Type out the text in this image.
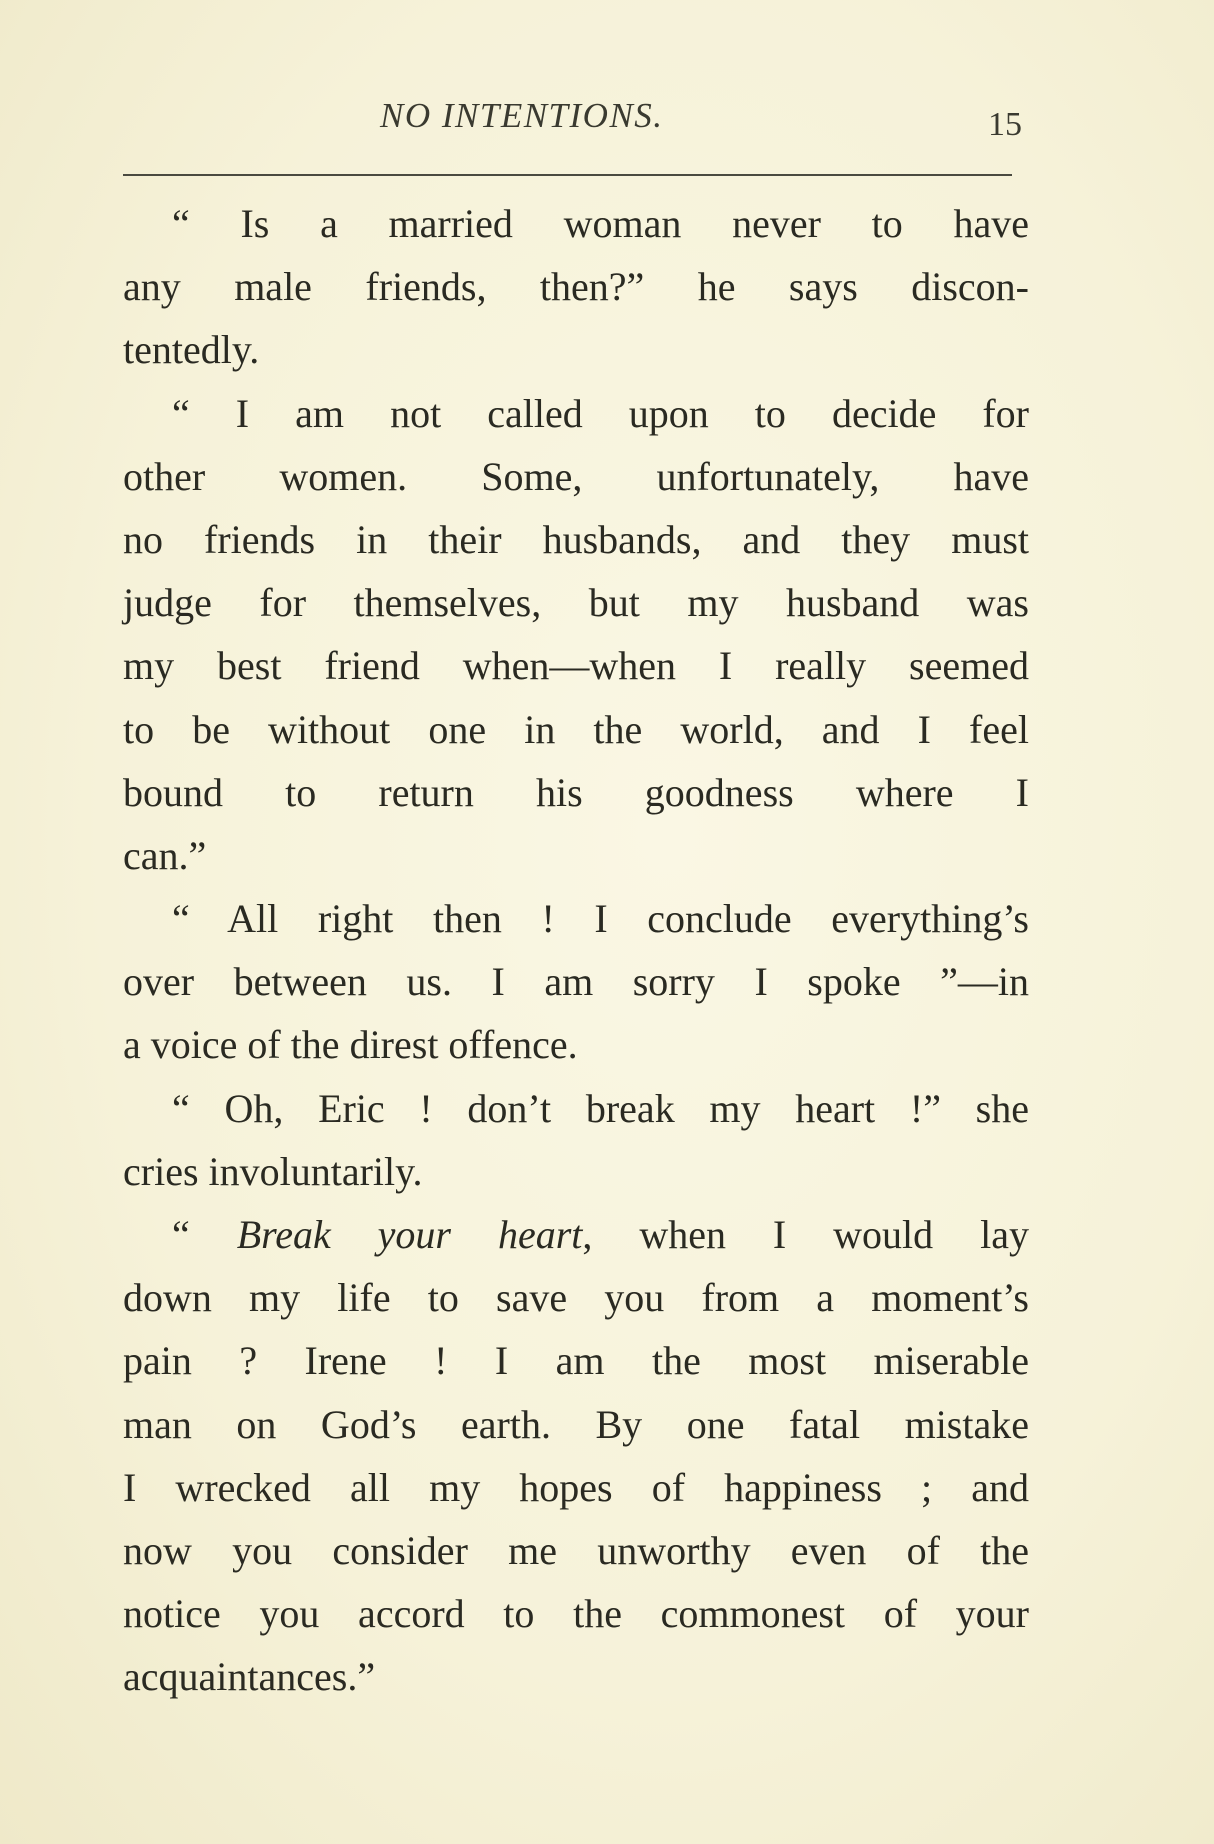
NO INTENTIONS.	15
“ Is a married woman never to have
any male friends, then?” he says discon-
tentedly.
“ I am not called upon to decide for
other women. Some, unfortunately, have
no friends in their husbands, and they must
judge for themselves, but my husband was
my best friend when—when I really seemed
to be without one in the world, and I feel
bound to return his goodness where I
can.”
“ All right then ! I conclude everything’s
over between us. I am sorry I spoke ”—in
a voice of the direst offence.
“ Oh, Eric ! don’t break my heart !” she
cries involuntarily.
“ Break your heart, when I would lay
down my life to save you from a moment’s
pain ? Irene ! I am the most miserable
man on God’s earth. By one fatal mistake
I wrecked all my hopes of happiness ; and
now you consider me unworthy even of the
notice you accord to the commonest of your
acquaintances.”
